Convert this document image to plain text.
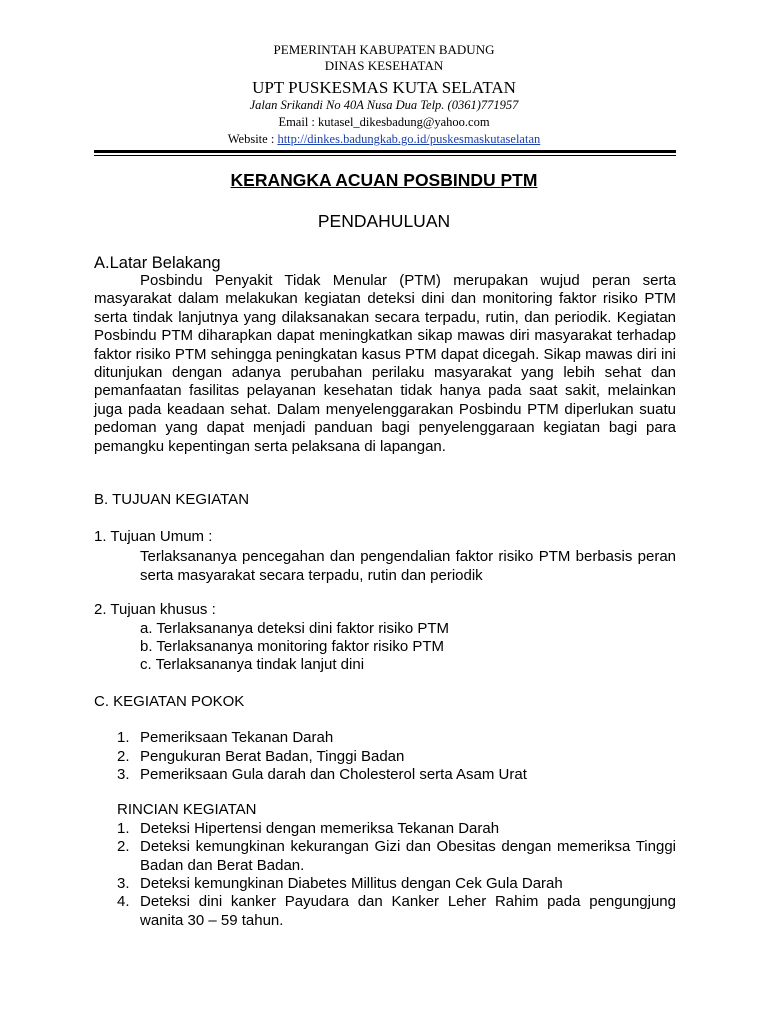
PEMERINTAH KABUPATEN BADUNG
DINAS KESEHATAN
UPT PUSKESMAS KUTA SELATAN
Jalan Srikandi No 40A Nusa Dua Telp. (0361)771957
Email : kutasel_dikesbadung@yahoo.com
Website : http://dinkes.badungkab.go.id/puskesmaskutaselatan
KERANGKA ACUAN POSBINDU PTM
PENDAHULUAN
A.Latar Belakang

Posbindu Penyakit Tidak Menular (PTM) merupakan wujud peran serta masyarakat dalam melakukan kegiatan deteksi dini dan monitoring faktor risiko PTM serta tindak lanjutnya yang dilaksanakan secara terpadu, rutin, dan periodik. Kegiatan Posbindu PTM diharapkan dapat meningkatkan sikap mawas diri masyarakat terhadap faktor risiko PTM sehingga peningkatan kasus PTM dapat dicegah. Sikap mawas diri ini ditunjukan dengan adanya perubahan perilaku masyarakat yang lebih sehat dan pemanfaatan fasilitas pelayanan kesehatan tidak hanya pada saat sakit, melainkan juga pada keadaan sehat. Dalam menyelenggarakan Posbindu PTM diperlukan suatu pedoman yang dapat menjadi panduan bagi penyelenggaraan kegiatan bagi para pemangku kepentingan serta pelaksana di lapangan.

B. TUJUAN KEGIATAN
1. Tujuan Umum :

Terlaksananya pencegahan dan pengendalian faktor risiko PTM berbasis peran serta masyarakat secara terpadu, rutin dan periodik

2. Tujuan khusus :
a. Terlaksananya deteksi dini faktor risiko PTM
b. Terlaksananya monitoring faktor risiko PTM
c. Terlaksananya tindak lanjut dini
C. KEGIATAN POKOK
1. Pemeriksaan Tekanan Darah
2. Pengukuran Berat Badan, Tinggi Badan
3. Pemeriksaan Gula darah dan Cholesterol serta Asam Urat
RINCIAN KEGIATAN
1. Deteksi Hipertensi dengan memeriksa Tekanan Darah
2. Deteksi kemungkinan kekurangan Gizi dan Obesitas dengan memeriksa Tinggi Badan dan Berat Badan.

3. Deteksi kemungkinan Diabetes Millitus dengan Cek Gula Darah
4. Deteksi dini kanker Payudara dan Kanker Leher Rahim pada pengungjung wanita 30 – 59 tahun.
